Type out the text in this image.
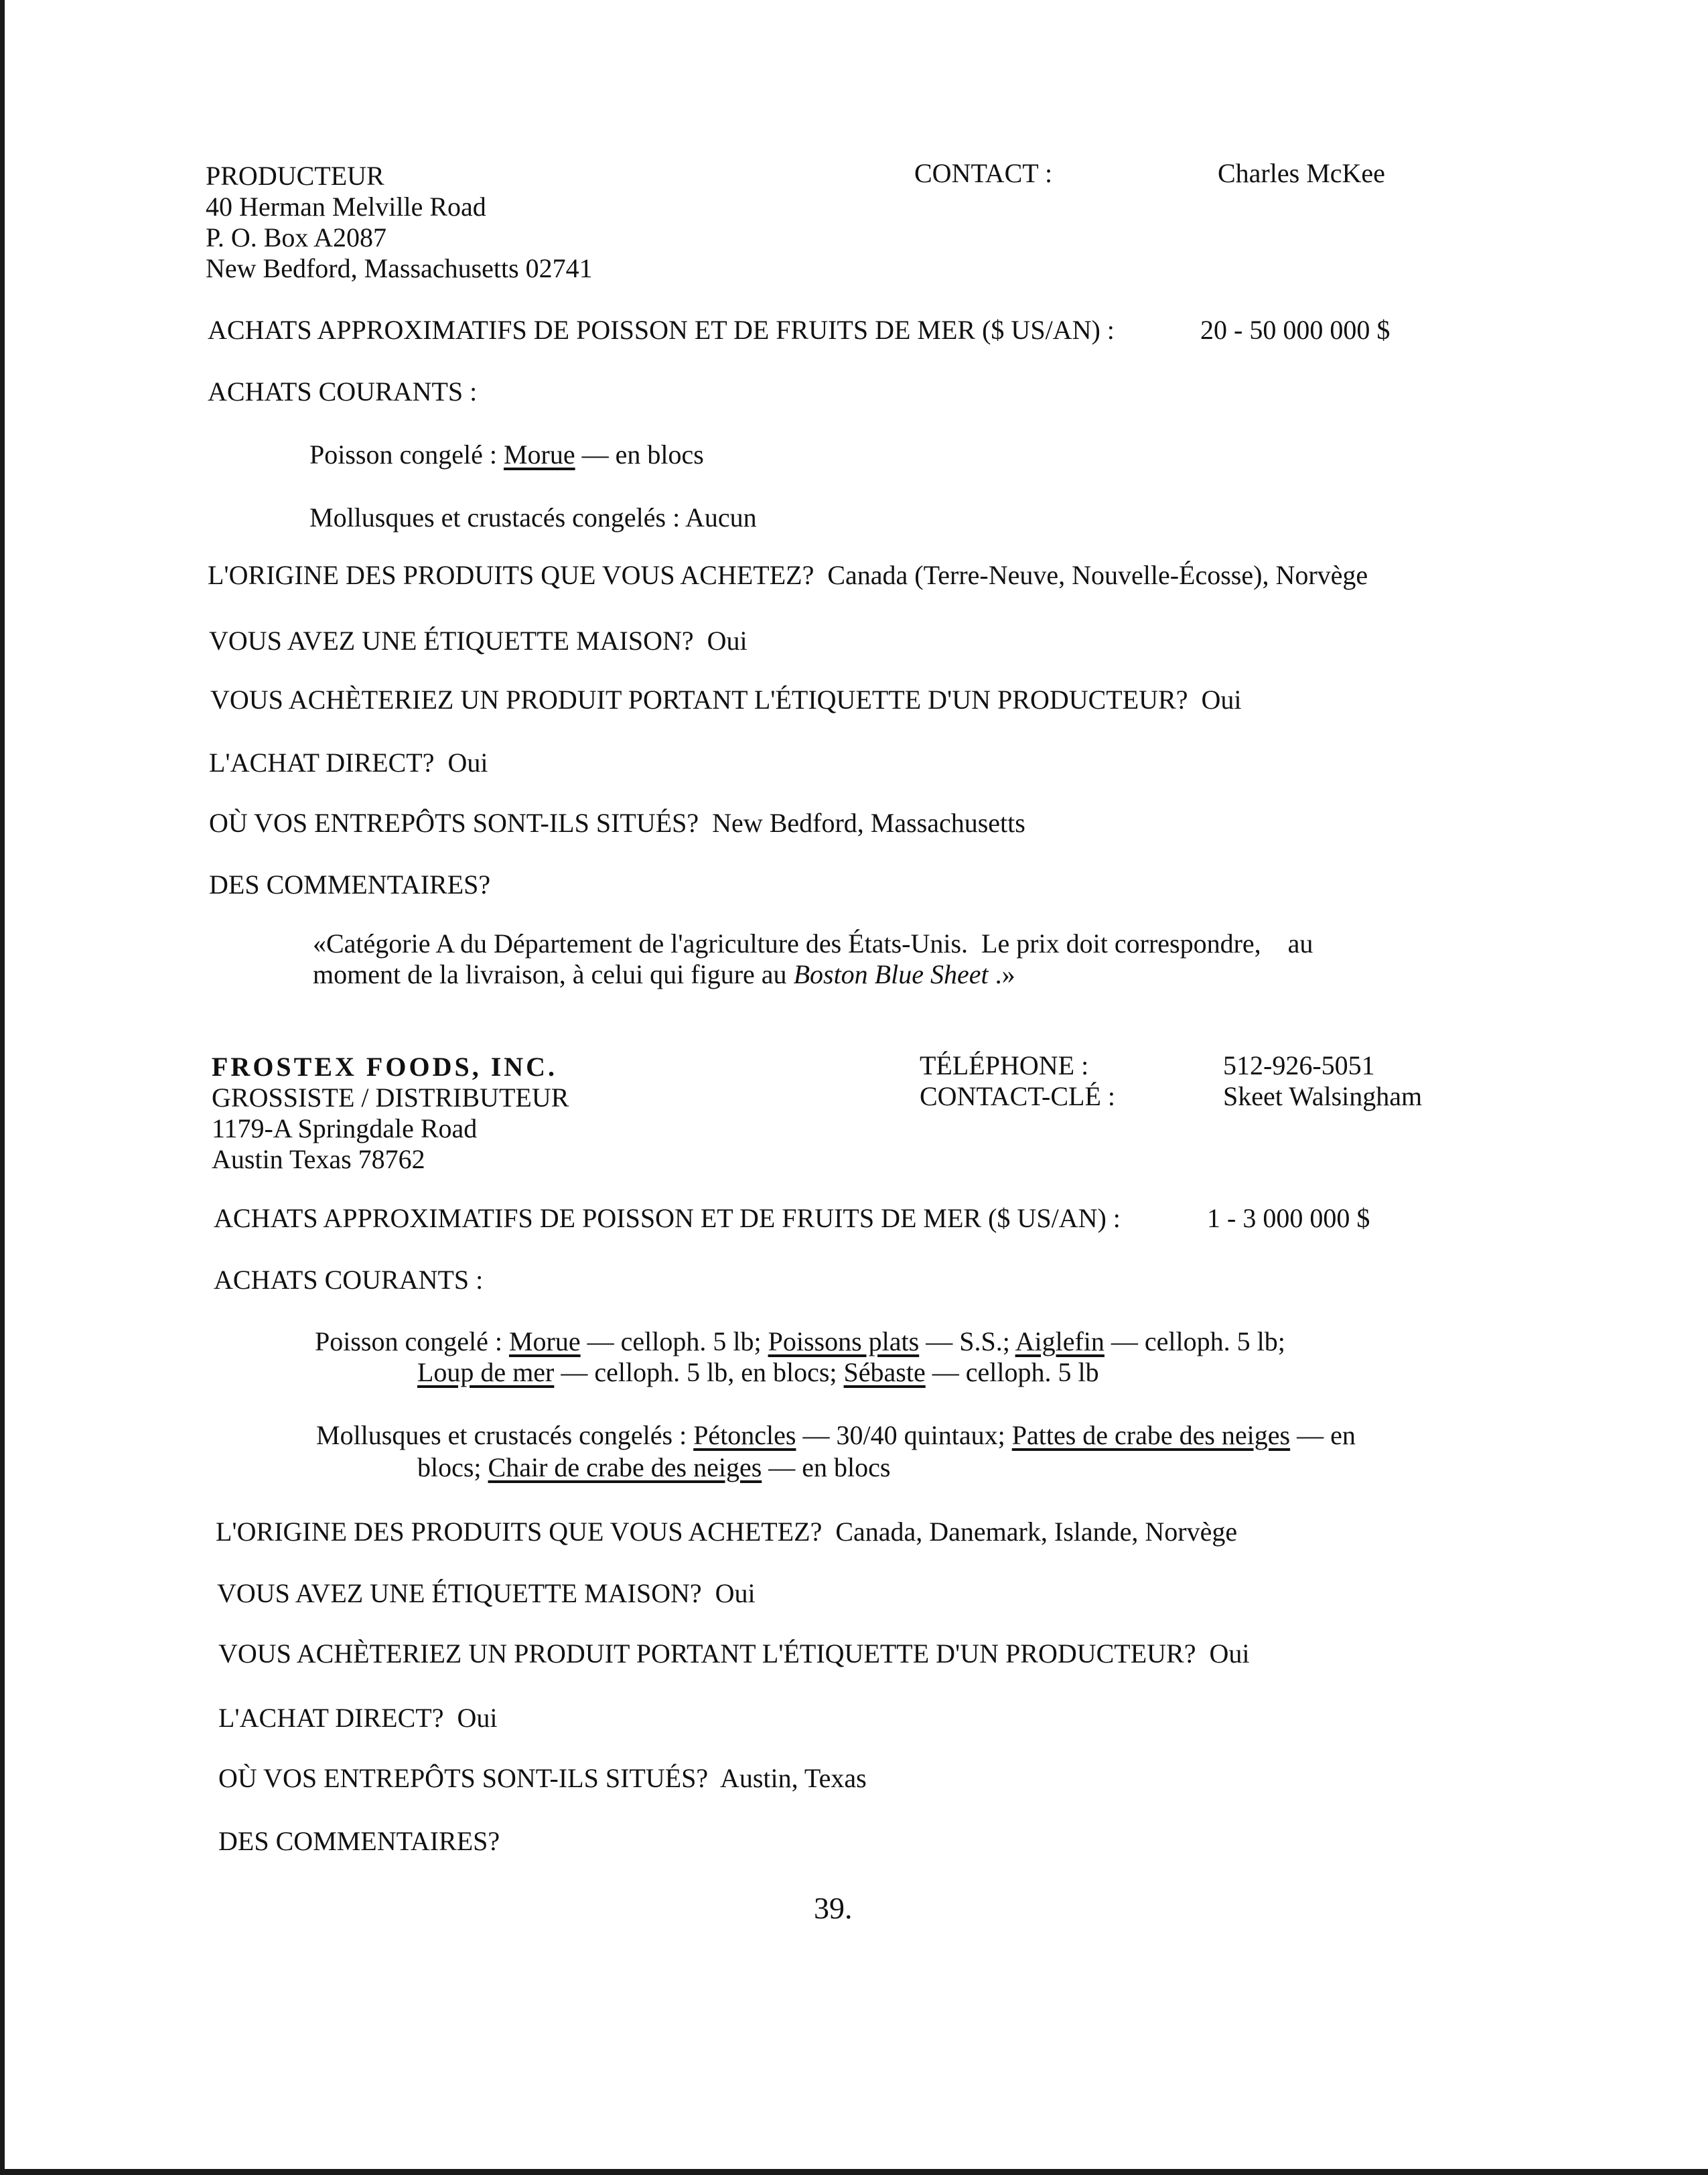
PRODUCTEUR
40 Herman Melville Road
P. O. Box A2087
New Bedford, Massachusetts 02741
CONTACT :	Charles McKee
ACHATS APPROXIMATIFS DE POISSON ET DE FRUITS DE MER ($ US/AN) :	20 - 50 000 000 $
ACHATS COURANTS :
Poisson congelé : Morue — en blocs
Mollusques et crustacés congelés : Aucun
L'ORIGINE DES PRODUITS QUE VOUS ACHETEZ? Canada (Terre-Neuve, Nouvelle-Écosse), Norvège
VOUS AVEZ UNE ÉTIQUETTE MAISON? Oui
VOUS ACHÈTERIEZ UN PRODUIT PORTANT L'ÉTIQUETTE D'UN PRODUCTEUR? Oui
L'ACHAT DIRECT? Oui
OÙ VOS ENTREPÔTS SONT-ILS SITUÉS? New Bedford, Massachusetts
DES COMMENTAIRES?
«Catégorie A du Département de l'agriculture des États-Unis.  Le prix doit correspondre,    au
moment de la livraison, à celui qui figure au Boston Blue Sheet .»
FROSTEX FOODS, INC.
GROSSISTE / DISTRIBUTEUR
1179-A Springdale Road
Austin Texas 78762
TÉLÉPHONE :	512-926-5051
CONTACT-CLÉ :	Skeet Walsingham
ACHATS APPROXIMATIFS DE POISSON ET DE FRUITS DE MER ($ US/AN) :	1 - 3 000 000 $
ACHATS COURANTS :
Poisson congelé : Morue — celloph. 5 lb; Poissons plats — S.S.; Aiglefin — celloph. 5 lb;
Loup de mer — celloph. 5 lb, en blocs; Sébaste — celloph. 5 lb
Mollusques et crustacés congelés : Pétoncles — 30/40 quintaux; Pattes de crabe des neiges — en
blocs; Chair de crabe des neiges — en blocs
L'ORIGINE DES PRODUITS QUE VOUS ACHETEZ? Canada, Danemark, Islande, Norvège
VOUS AVEZ UNE ÉTIQUETTE MAISON? Oui
VOUS ACHÈTERIEZ UN PRODUIT PORTANT L'ÉTIQUETTE D'UN PRODUCTEUR? Oui
L'ACHAT DIRECT? Oui
OÙ VOS ENTREPÔTS SONT-ILS SITUÉS? Austin, Texas
DES COMMENTAIRES?
39.
